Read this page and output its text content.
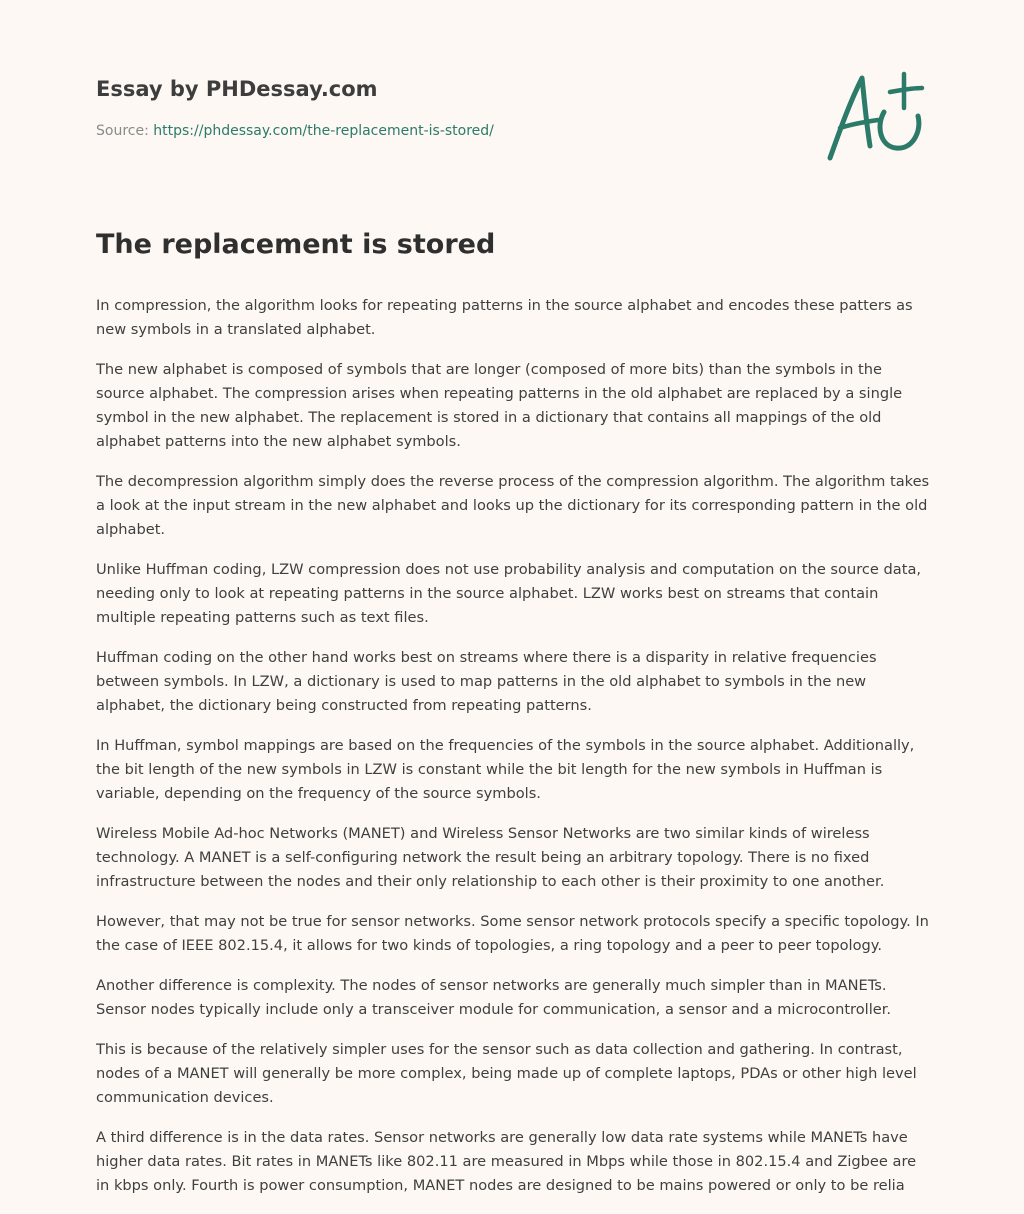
Essay by PHDessay.com
Source: https://phdessay.com/the-replacement-is-stored/
The replacement is stored

In compression, the algorithm looks for repeating patterns in the source alphabet and encodes these patters as new symbols in a translated alphabet.

The new alphabet is composed of symbols that are longer (composed of more bits) than the symbols in the source alphabet. The compression arises when repeating patterns in the old alphabet are replaced by a single symbol in the new alphabet. The replacement is stored in a dictionary that contains all mappings of the old alphabet patterns into the new alphabet symbols.

The decompression algorithm simply does the reverse process of the compression algorithm. The algorithm takes a look at the input stream in the new alphabet and looks up the dictionary for its corresponding pattern in the old alphabet.

Unlike Huffman coding, LZW compression does not use probability analysis and computation on the source data, needing only to look at repeating patterns in the source alphabet. LZW works best on streams that contain multiple repeating patterns such as text files.

Huffman coding on the other hand works best on streams where there is a disparity in relative frequencies between symbols. In LZW, a dictionary is used to map patterns in the old alphabet to symbols in the new alphabet, the dictionary being constructed from repeating patterns.

In Huffman, symbol mappings are based on the frequencies of the symbols in the source alphabet. Additionally, the bit length of the new symbols in LZW is constant while the bit length for the new symbols in Huffman is variable, depending on the frequency of the source symbols.

Wireless Mobile Ad-hoc Networks (MANET) and Wireless Sensor Networks are two similar kinds of wireless technology. A MANET is a self-configuring network the result being an arbitrary topology. There is no fixed infrastructure between the nodes and their only relationship to each other is their proximity to one another.

However, that may not be true for sensor networks. Some sensor network protocols specify a specific topology. In the case of IEEE 802.15.4, it allows for two kinds of topologies, a ring topology and a peer to peer topology.

Another difference is complexity. The nodes of sensor networks are generally much simpler than in MANETs. Sensor nodes typically include only a transceiver module for communication, a sensor and a microcontroller.

This is because of the relatively simpler uses for the sensor such as data collection and gathering. In contrast, nodes of a MANET will generally be more complex, being made up of complete laptops, PDAs or other high level communication devices.

A third difference is in the data rates. Sensor networks are generally low data rate systems while MANETs have higher data rates. Bit rates in MANETs like 802.11 are measured in Mbps while those in 802.15.4 and Zigbee are in kbps only. Fourth is power consumption, MANET nodes are designed to be mains powered or only to be relia
